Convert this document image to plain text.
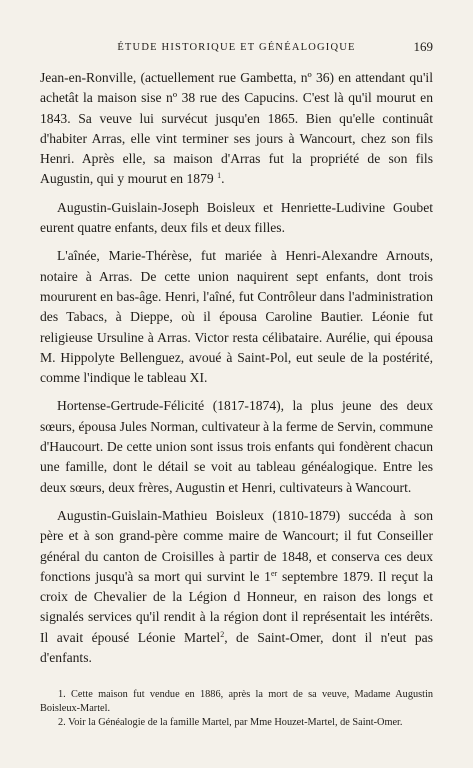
ÉTUDE HISTORIQUE ET GÉNÉALOGIQUE	169

Jean-en-Ronville, (actuellement rue Gambetta, nº 36) en attendant qu'il achetât la maison sise nº 38 rue des Capucins. C'est là qu'il mourut en 1843. Sa veuve lui survécut jusqu'en 1865. Bien qu'elle continuât d'habiter Arras, elle vint terminer ses jours à Wancourt, chez son fils Henri. Après elle, sa maison d'Arras fut la propriété de son fils Augustin, qui y mourut en 1879 $^1$.

Augustin-Guislain-Joseph Boisleux et Henriette-Ludivine Goubet eurent quatre enfants, deux fils et deux filles.

L'aînée, Marie-Thérèse, fut mariée à Henri-Alexandre Arnouts, notaire à Arras. De cette union naquirent sept enfants, dont trois moururent en bas-âge. Henri, l'aîné, fut Contrôleur dans l'administration des Tabacs, à Dieppe, où il épousa Caroline Bautier. Léonie fut religieuse Ursuline à Arras. Victor resta célibataire. Aurélie, qui épousa M. Hippolyte Bellenguez, avoué à Saint-Pol, eut seule de la postérité, comme l'indique le tableau XI.

Hortense-Gertrude-Félicité (1817-1874), la plus jeune des deux sœurs, épousa Jules Norman, cultivateur à la ferme de Servin, commune d'Haucourt. De cette union sont issus trois enfants qui fondèrent chacun une famille, dont le détail se voit au tableau généalogique. Entre les deux sœurs, deux frères, Augustin et Henri, cultivateurs à Wancourt.

Augustin-Guislain-Mathieu Boisleux (1810-1879) succéda à son père et à son grand-père comme maire de Wancourt; il fut Conseiller général du canton de Croisilles à partir de 1848, et conserva ces deux fonctions jusqu'à sa mort qui survint le 1er septembre 1879. Il reçut la croix de Chevalier de la Légion d Honneur, en raison des longs et signalés services qu'il rendit à la région dont il représentait les intérêts. Il avait épousé Léonie Martel$^2$, de Saint-Omer, dont il n'eut pas d'enfants.

1. Cette maison fut vendue en 1886, après la mort de sa veuve, Madame Augustin Boisleux-Martel.

2. Voir la Généalogie de la famille Martel, par Mme Houzet-Martel, de Saint-Omer.
